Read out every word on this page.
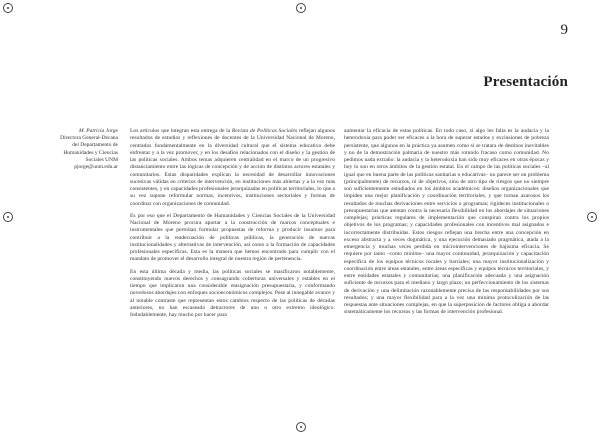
9
Presentación
M. Patricia Jorge
Directora General-Decana
del Departamento de
Humanidades y Ciencias
Sociales UNM
pjorge@unm.edu.ar

Los artículos que integran esta entrega de la Revista de Políticas Sociales reflejan algunos resultados de estudios y reflexiones de docentes de la Universidad Nacional de Moreno, centrados fundamentalmente en la diversidad cultural que el sistema educativo debe enfrentar y a la vez promover, y en los desafíos relacionados con el diseño y la gestión de las políticas sociales. Ambos temas adquieren centralidad en el marco de un progresivo distanciamiento entre las lógicas de concepción y de acción de distintos actores estatales y comunitarios. Estas disparidades explican la necesidad de desarrollar innovaciones sucesivas válidas en criterios de intervención, en instituciones más abiertas y a la vez más consistentes, y en capacidades profesionales jerarquizadas en políticas territoriales, lo que a su vez supone reformular normas, incentivos, instituciones sectoriales y formas de coordinar con organizaciones de comunidad.

Es por eso que el Departamento de Humanidades y Ciencias Sociales de la Universidad Nacional de Moreno procura aportar a la construcción de marcos conceptuales e instrumentales que permitan formular propuestas de reforma y producir insumos para contribuir a la readecuación de políticas públicas, la generación de nuevas institucionalidades y alternativas de intervención, así como a la formación de capacidades profesionales específicas. Esta es la manera que hemos encontrado para cumplir con el mandato de promover el desarrollo integral de nuestra región de pertenencia.

En esta última década y media, las políticas sociales se masificaron notablemente, constituyendo nuevos derechos y consagrando coberturas universales y estables en el tiempo que implicaron una considerable reasignación presupuestaria, y conformando novedosos abordajes con enfoques socioeconómicos complejos. Pese al innegable avance y al notable contraste que representan estos cambios respecto de las políticas de décadas anteriores, no han escaseado detractores de uno u otro extremo ideológico. Indudablemente, hay mucho por hacer para

aumentar la eficacia de estas políticas. En todo caso, si algo les falta es la audacia y la heterodoxia para poder ser eficaces a la hora de superar estados y exclusiones de pobreza persistente, que algunos en la práctica ya asumen como si se tratara de destinos inevitables y no de la demostración palmaria de nuestro más rotundo fracaso como comunidad. No pedimos nada extraño: la audacia y la heterodoxia han sido muy eficaces en otras épocas y hoy lo son en otros ámbitos de la gestión estatal. En el campo de las políticas sociales –al igual que en buena parte de las políticas sanitarias o educativas– no parece ser un problema (principalmente) de recursos, ni de objetivos, sino de otro tipo de riesgos que no siempre son suficientemente estudiados en los ámbitos académicos: diseños organizacionales que impiden una mejor planificación y coordinación territoriales, y que tornan azarosos los resultados de muchas derivaciones entre servicios o programas; rigideces institucionales o presupuestarias que atentan contra la necesaria flexibilidad en los abordajes de situaciones complejas; prácticas regulares de implementación que conspiran contra los propios objetivos de los programas; y capacidades profesionales con incentivos mal asignados e incorrectamente distribuidas. Estos riesgos reflejan una brecha entre una concepción en exceso abstracta y a veces dogmática, y una ejecución demasiado pragmática, atada a la emergencia y muchas veces perdida en microintervenciones de bajísima eficacia. Se requiere por tanto –como mínimo– una mayor continuidad, jerarquización y capacitación específica de los equipos técnicos locales y barriales; una mayor institucionalización y coordinación entre áreas estatales, entre áreas específicas y equipos técnicos territoriales, y entre entidades estatales y comunitarias; una planificación adecuada y una asignación suficiente de recursos para el mediano y largo plazo; un perfeccionamiento de los sistemas de derivación y una delimitación razonablemente precisa de las responsabilidades por sus resultados; y una mayor flexibilidad para a la vez una mínima protocolización de las respuestas ante situaciones complejas, en que la superposición de factores obliga a abordar sistemáticamente los recursos y las formas de intervención profesional.
